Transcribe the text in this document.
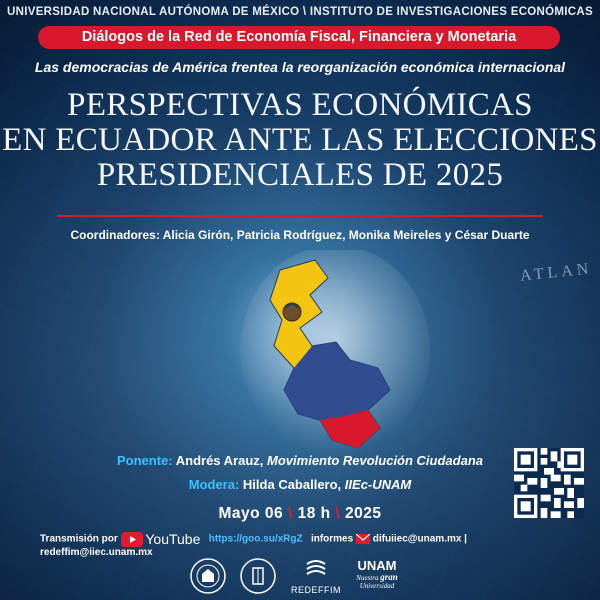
UNIVERSIDAD NACIONAL AUTÓNOMA DE MÉXICO \ INSTITUTO DE INVESTIGACIONES ECONÓMICAS
Diálogos de la Red de Economía Fiscal, Financiera y Monetaria
Las democracias de América frentea la reorganización económica internacional
PERSPECTIVAS ECONÓMICAS
EN ECUADOR ANTE LAS ELECCIONES
PRESIDENCIALES DE 2025
Coordinadores: Alicia Girón, Patricia Rodríguez, Monika Meireles y César Duarte
ATLAN
Ponente: Andrés Arauz, Movimiento Revolución Ciudadana
Modera: Hilda Caballero, IIEc-UNAM
Mayo 06 \ 18 h \ 2025
Transmisión por YouTube https://goo.su/xRgZ informes difuiiec@unam.mx | redeffim@iiec.unam.mx
REDEFFIM
UNAM
Nuestra gran
Universidad
